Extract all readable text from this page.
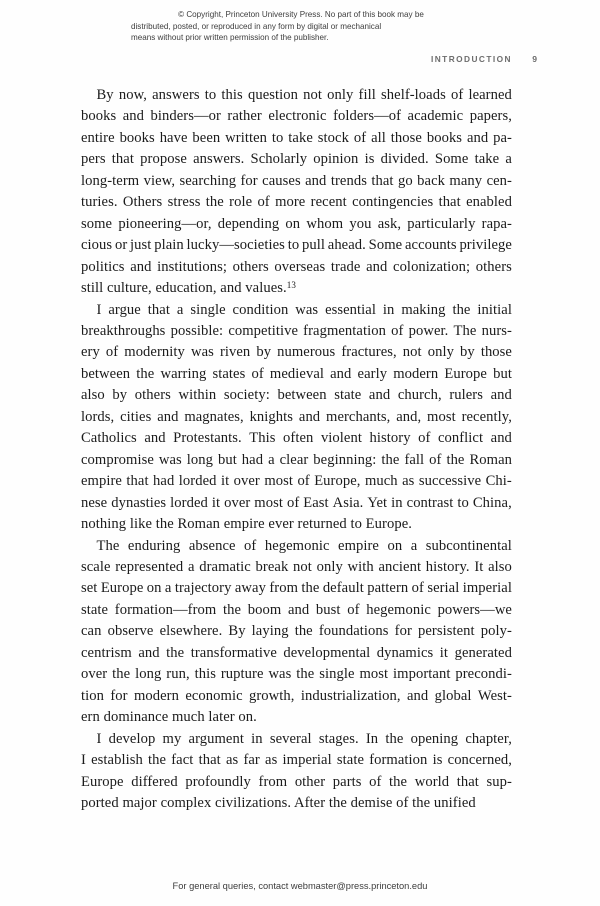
© Copyright, Princeton University Press. No part of this book may be
distributed, posted, or reproduced in any form by digital or mechanical
means without prior written permission of the publisher.
INTRODUCTION 9

By now, answers to this question not only fill shelf-loads of learned
books and binders—or rather electronic folders—of academic papers,
entire books have been written to take stock of all those books and pa-
pers that propose answers. Scholarly opinion is divided. Some take a
long-term view, searching for causes and trends that go back many cen-
turies. Others stress the role of more recent contingencies that enabled
some pioneering—or, depending on whom you ask, particularly rapa-
cious or just plain lucky—societies to pull ahead. Some accounts privilege
politics and institutions; others overseas trade and colonization; others
still culture, education, and values.$^{13}$

I argue that a single condition was essential in making the initial
breakthroughs possible: competitive fragmentation of power. The nurs-
ery of modernity was riven by numerous fractures, not only by those
between the warring states of medieval and early modern Europe but
also by others within society: between state and church, rulers and
lords, cities and magnates, knights and merchants, and, most recently,
Catholics and Protestants. This often violent history of conflict and
compromise was long but had a clear beginning: the fall of the Roman
empire that had lorded it over most of Europe, much as successive Chi-
nese dynasties lorded it over most of East Asia. Yet in contrast to China,
nothing like the Roman empire ever returned to Europe.

The enduring absence of hegemonic empire on a subcontinental
scale represented a dramatic break not only with ancient history. It also
set Europe on a trajectory away from the default pattern of serial imperial
state formation—from the boom and bust of hegemonic powers—we
can observe elsewhere. By laying the foundations for persistent poly-
centrism and the transformative developmental dynamics it generated
over the long run, this rupture was the single most important precondi-
tion for modern economic growth, industrialization, and global West-
ern dominance much later on.

I develop my argument in several stages. In the opening chapter,
I establish the fact that as far as imperial state formation is concerned,
Europe differed profoundly from other parts of the world that sup-
ported major complex civilizations. After the demise of the unified

For general queries, contact webmaster@press.princeton.edu
